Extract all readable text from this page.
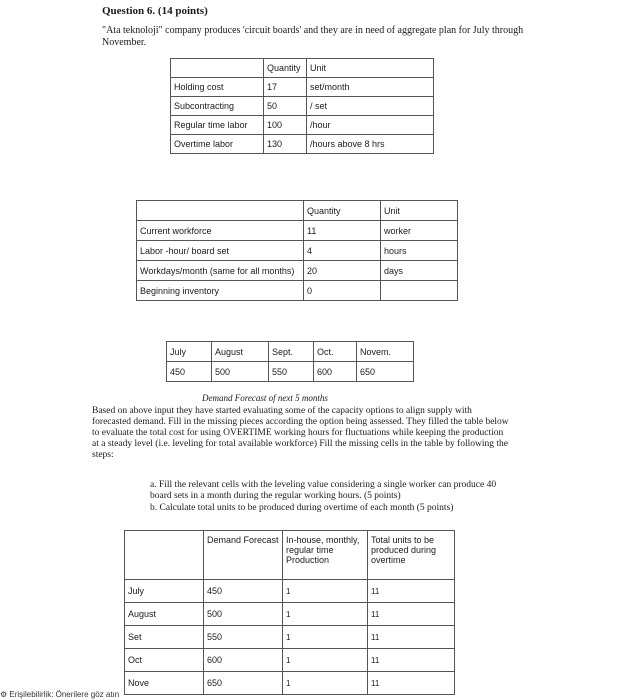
Question 6. (14 points)
"Ata teknoloji" company produces 'circuit boards' and they are in need of aggregate plan for July through November.
	Quantity	Unit
Holding cost	17	set/month
Subcontracting	50	/ set
Regular time labor	100	/hour
Overtime labor	130	/hours above 8 hrs
	Quantity	Unit
Current workforce	11	worker
Labor -hour/ board set	4	hours
Workdays/month (same for all months)	20	days
Beginning inventory	0	
July	August	Sept.	Oct.	Novem.
450	500	550	600	650
Demand Forecast of next 5 months
Based on above input they have started evaluating some of the capacity options to align supply with forecasted demand. Fill in the missing pieces according the option being assessed. They filled the table below to evaluate the total cost for using OVERTIME working hours for fluctuations while keeping the production at a steady level (i.e. leveling for total available workforce) Fill the missing cells in the table by following the steps:
a. Fill the relevant cells with the leveling value considering a single worker can produce 40 board sets in a month during the regular working hours. (5 points)
b. Calculate total units to be produced during overtime of each month (5 points)
	Demand Forecast	In-house, monthly, regular time Production	Total units to be produced during overtime
July	450	1	11
August	500	1	11
Set	550	1	11
Oct	600	1	11
Nove	650	1	11
⚙ Erişilebilirlik: Önerilere göz atın
